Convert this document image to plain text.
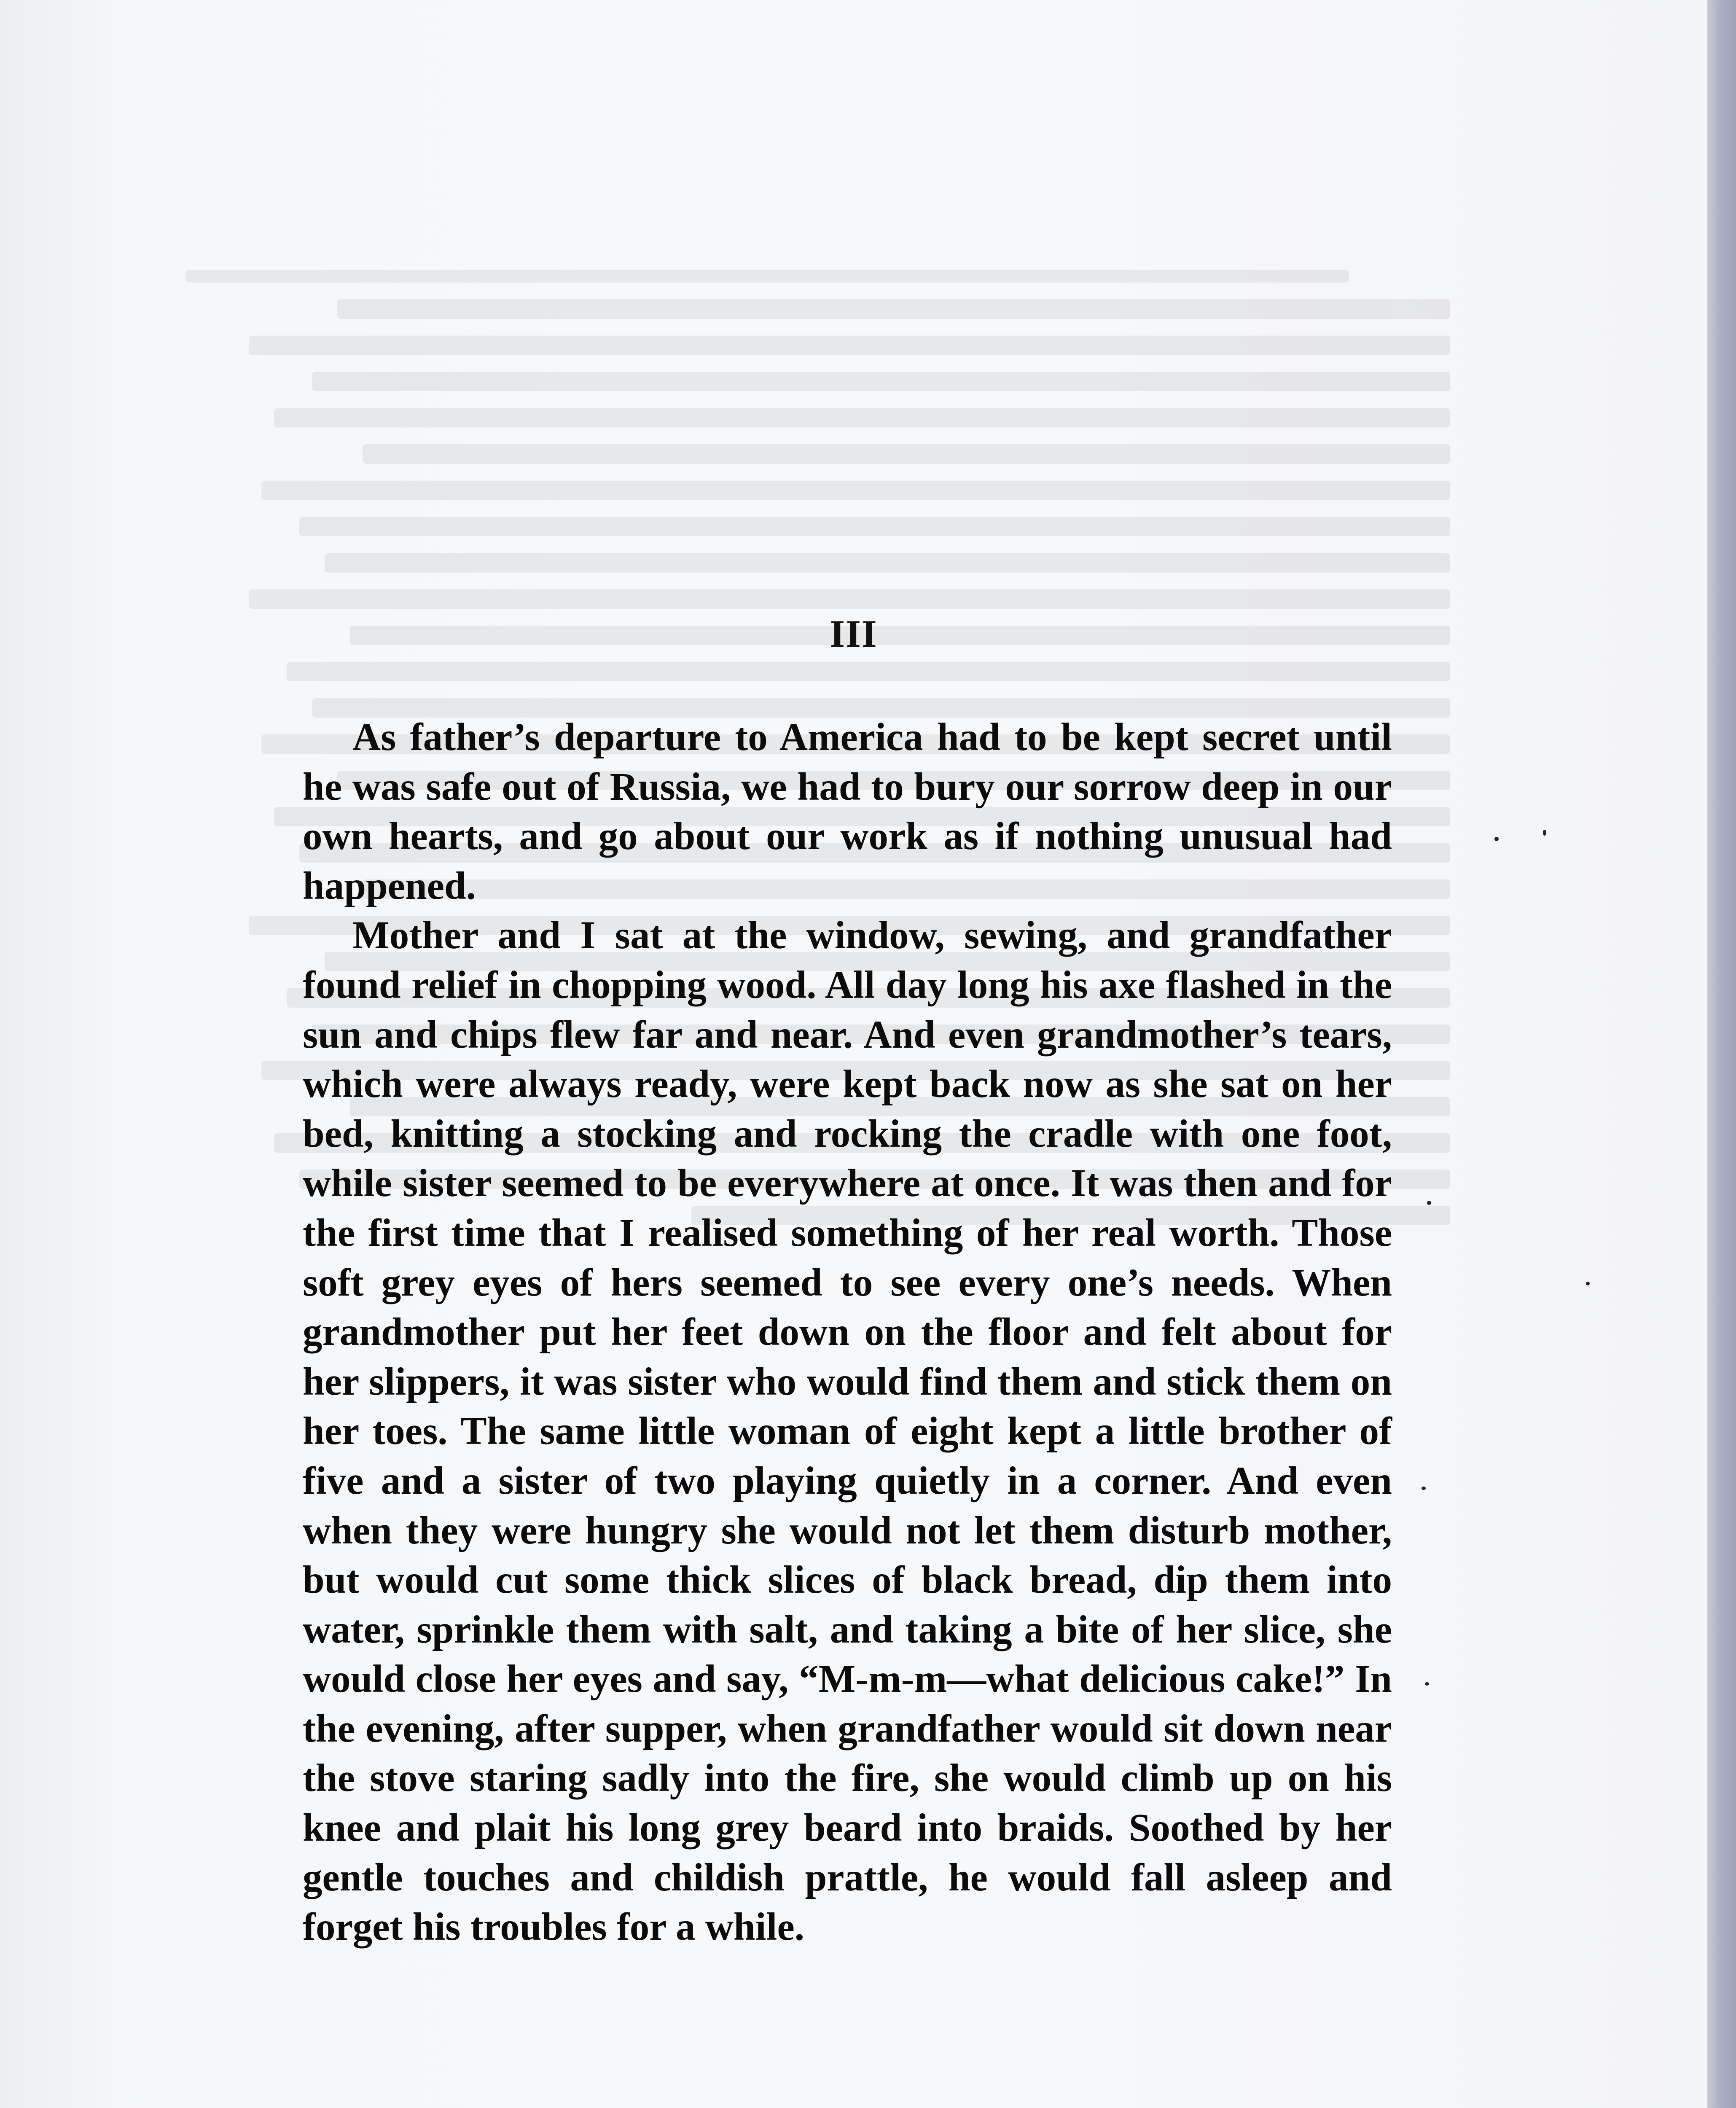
III

As father’s departure to America had to be kept secret until he was safe out of Russia, we had to bury our sorrow deep in our own hearts, and go about our work as if nothing unusual had happened.

Mother and I sat at the window, sewing, and grandfather found relief in chopping wood. All day long his axe flashed in the sun and chips flew far and near. And even grandmother’s tears, which were always ready, were kept back now as she sat on her bed, knitting a stocking and rocking the cradle with one foot, while sister seemed to be everywhere at once. It was then and for the first time that I realised something of her real worth. Those soft grey eyes of hers seemed to see every one’s needs. When grandmother put her feet down on the floor and felt about for her slippers, it was sister who would find them and stick them on her toes. The same little woman of eight kept a little brother of five and a sister of two playing quietly in a corner. And even when they were hungry she would not let them disturb mother, but would cut some thick slices of black bread, dip them into water, sprinkle them with salt, and taking a bite of her slice, she would close her eyes and say, “M-m-m—what delicious cake!” In the evening, after supper, when grandfather would sit down near the stove staring sadly into the fire, she would climb up on his knee and plait his long grey beard into braids. Soothed by her gentle touches and childish prattle, he would fall asleep and forget his troubles for a while.
